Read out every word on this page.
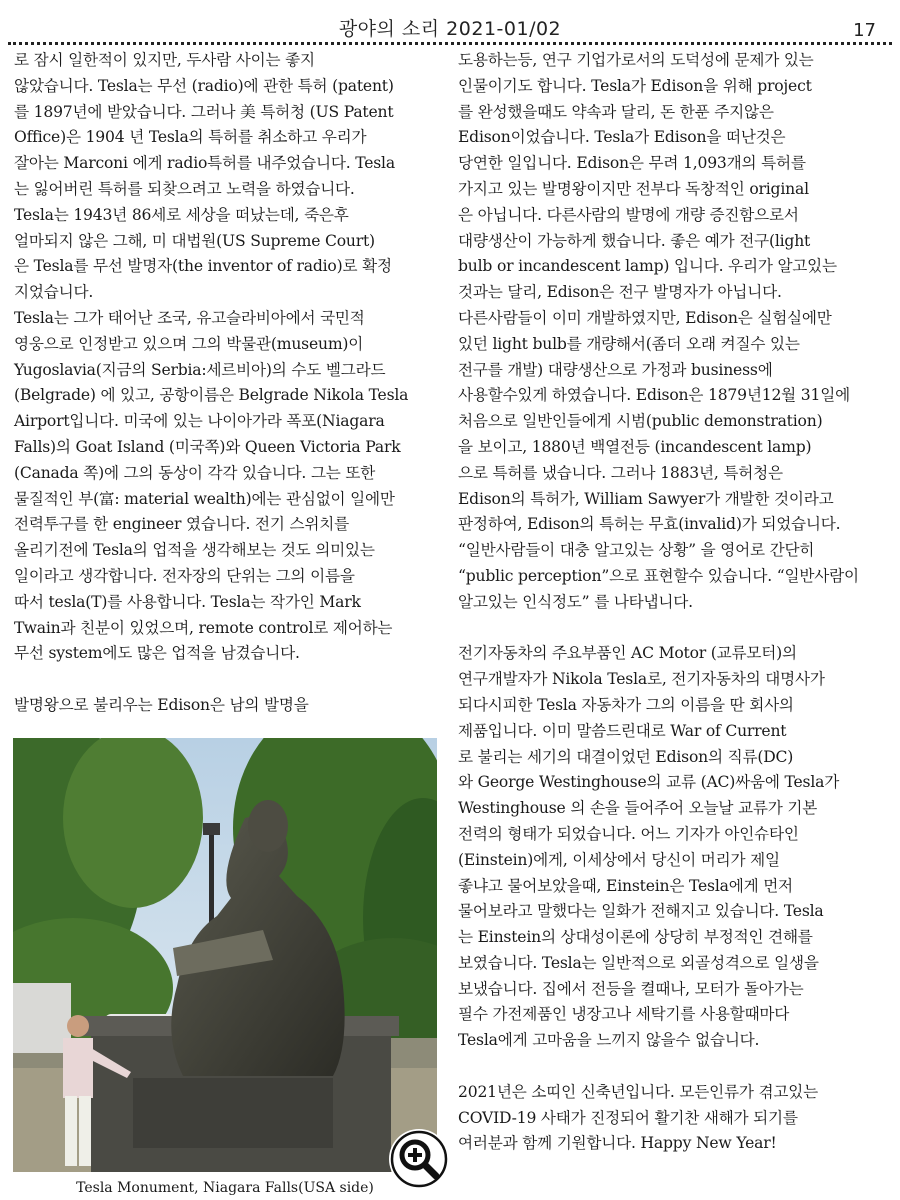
광야의 소리 2021-01/02	17

로 잠시 일한적이 있지만, 두사람 사이는 좋지

않았습니다. Tesla는 무선 (radio)에 관한 특허 (patent)

를 1897년에 받았습니다. 그러나 美 특허청 (US Patent

Office)은 1904 년 Tesla의 특허를 취소하고 우리가

잘아는 Marconi 에게 radio특허를 내주었습니다. Tesla

는 잃어버린 특허를 되찾으려고 노력을 하였습니다.

Tesla는 1943년 86세로 세상을 떠났는데, 죽은후

얼마되지 않은 그해, 미 대법원(US Supreme Court)

은 Tesla를 무선 발명자(the inventor of radio)로 확정

지었습니다.

Tesla는 그가 태어난 조국, 유고슬라비아에서 국민적

영웅으로 인정받고 있으며 그의 박물관(museum)이

Yugoslavia(지금의 Serbia:세르비아)의 수도 벨그라드

(Belgrade) 에 있고, 공항이름은 Belgrade Nikola Tesla

Airport입니다. 미국에 있는 나이아가라 폭포(Niagara

Falls)의 Goat Island (미국쪽)와 Queen Victoria Park

(Canada 쪽)에 그의 동상이 각각 있습니다. 그는 또한

물질적인 부(富: material wealth)에는 관심없이 일에만

전력투구를 한 engineer 였습니다. 전기 스위치를

올리기전에 Tesla의 업적을 생각해보는 것도 의미있는

일이라고 생각합니다. 전자장의 단위는 그의 이름을

따서 tesla(T)를 사용합니다. Tesla는 작가인 Mark

Twain과 친분이 있었으며, remote control로 제어하는

무선 system에도 많은 업적을 남겼습니다.

발명왕으로 불리우는 Edison은 남의 발명을

도용하는등, 연구 기업가로서의 도덕성에 문제가 있는

인물이기도 합니다. Tesla가 Edison을 위해 project

를 완성했을때도 약속과 달리, 돈 한푼 주지않은

Edison이었습니다. Tesla가 Edison을 떠난것은

당연한 일입니다. Edison은 무려 1,093개의 특허를

가지고 있는 발명왕이지만 전부다 독창적인 original

은 아닙니다. 다른사람의 발명에 개량 증진함으로서

대량생산이 가능하게 했습니다. 좋은 예가 전구(light

bulb or incandescent lamp) 입니다. 우리가 알고있는

것과는 달리, Edison은 전구 발명자가 아닙니다.

다른사람들이 이미 개발하였지만, Edison은 실험실에만

있던 light bulb를 개량해서(좀더 오래 켜질수 있는

전구를 개발) 대량생산으로 가정과 business에

사용할수있게 하였습니다. Edison은 1879년12월 31일에

처음으로 일반인들에게 시범(public demonstration)

을 보이고, 1880년 백열전등 (incandescent lamp)

으로 특허를 냈습니다. 그러나 1883년, 특허청은

Edison의 특허가, William Sawyer가 개발한 것이라고

판정하여, Edison의 특허는 무효(invalid)가 되었습니다.

“일반사람들이 대충 알고있는 상황” 을 영어로 간단히

“public perception”으로 표현할수 있습니다. “일반사람이

알고있는 인식정도” 를 나타냅니다.

전기자동차의 주요부품인 AC Motor (교류모터)의

연구개발자가 Nikola Tesla로, 전기자동차의 대명사가

되다시피한 Tesla 자동차가 그의 이름을 딴 회사의

제품입니다. 이미 말씀드린대로 War of Current

로 불리는 세기의 대결이었던 Edison의 직류(DC)

와 George Westinghouse의 교류 (AC)싸움에 Tesla가

Westinghouse 의 손을 들어주어 오늘날 교류가 기본

전력의 형태가 되었습니다. 어느 기자가 아인슈타인

(Einstein)에게, 이세상에서 당신이 머리가 제일

좋냐고 물어보았을때, Einstein은 Tesla에게 먼저

물어보라고 말했다는 일화가 전해지고 있습니다. Tesla

는 Einstein의 상대성이론에 상당히 부정적인 견해를

보였습니다. Tesla는 일반적으로 외골성격으로 일생을

보냈습니다. 집에서 전등을 켤때나, 모터가 돌아가는

필수 가전제품인 냉장고나 세탁기를 사용할때마다

Tesla에게 고마움을 느끼지 않을수 없습니다.

2021년은 소띠인 신축년입니다. 모든인류가 겪고있는

COVID-19 사태가 진정되어 활기찬 새해가 되기를

여러분과 함께 기원합니다. Happy New Year!

Tesla Monument, Niagara Falls(USA side)
